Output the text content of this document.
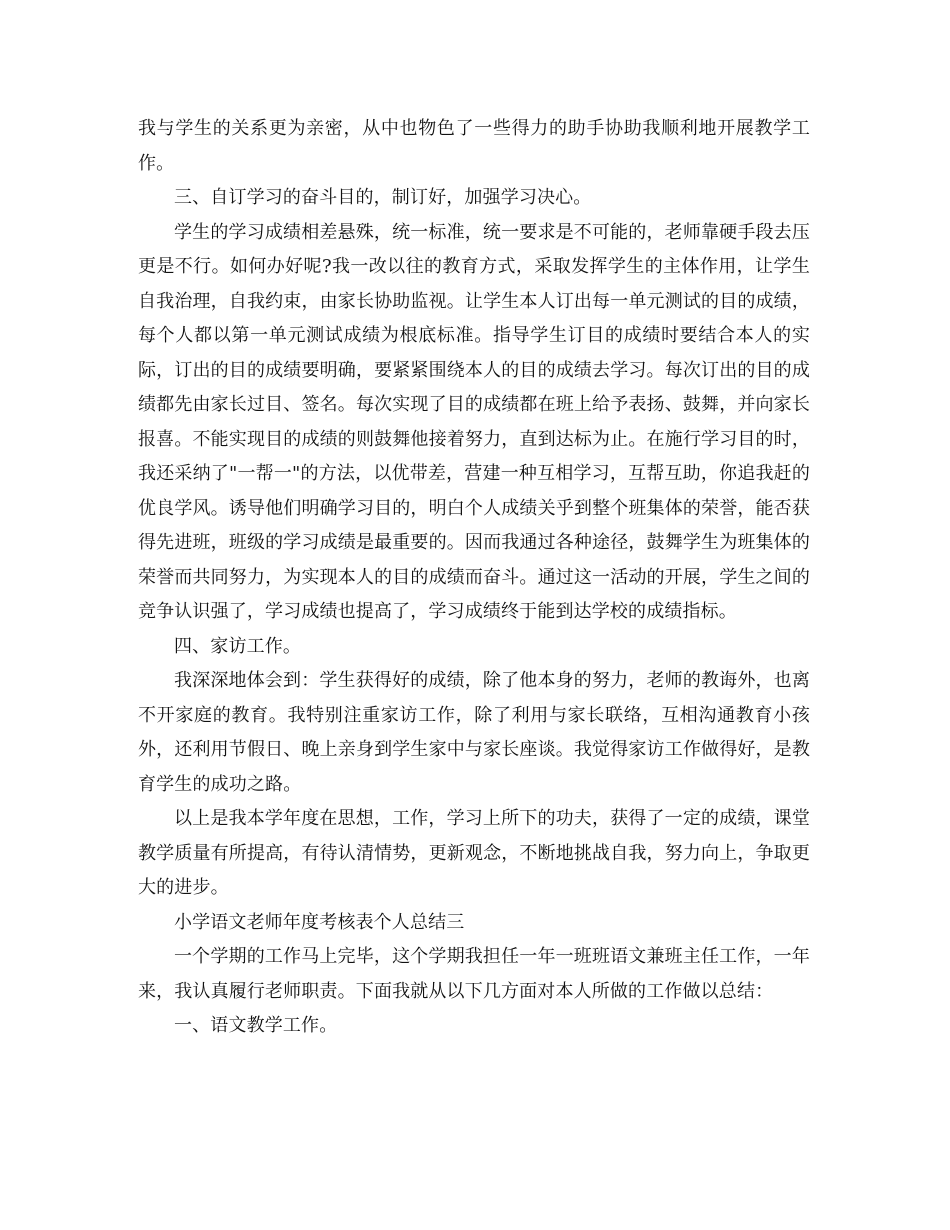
我与学生的关系更为亲密，从中也物色了一些得力的助手协助我顺利地开展教学工作。

三、自订学习的奋斗目的，制订好，加强学习决心。

学生的学习成绩相差悬殊，统一标准，统一要求是不可能的，老师靠硬手段去压更是不行。如何办好呢?我一改以往的教育方式，采取发挥学生的主体作用，让学生自我治理，自我约束，由家长协助监视。让学生本人订出每一单元测试的目的成绩，每个人都以第一单元测试成绩为根底标准。指导学生订目的成绩时要结合本人的实际，订出的目的成绩要明确，要紧紧围绕本人的目的成绩去学习。每次订出的目的成绩都先由家长过目、签名。每次实现了目的成绩都在班上给予表扬、鼓舞，并向家长报喜。不能实现目的成绩的则鼓舞他接着努力，直到达标为止。在施行学习目的时，我还采纳了"一帮一"的方法，以优带差，营建一种互相学习，互帮互助，你追我赶的优良学风。诱导他们明确学习目的，明白个人成绩关乎到整个班集体的荣誉，能否获得先进班，班级的学习成绩是最重要的。因而我通过各种途径，鼓舞学生为班集体的荣誉而共同努力，为实现本人的目的成绩而奋斗。通过这一活动的开展，学生之间的竞争认识强了，学习成绩也提高了，学习成绩终于能到达学校的成绩指标。

四、家访工作。

我深深地体会到：学生获得好的成绩，除了他本身的努力，老师的教诲外，也离不开家庭的教育。我特别注重家访工作，除了利用与家长联络，互相沟通教育小孩外，还利用节假日、晚上亲身到学生家中与家长座谈。我觉得家访工作做得好，是教育学生的成功之路。

以上是我本学年度在思想，工作，学习上所下的功夫，获得了一定的成绩，课堂教学质量有所提高，有待认清情势，更新观念，不断地挑战自我，努力向上，争取更大的进步。

小学语文老师年度考核表个人总结三

一个学期的工作马上完毕，这个学期我担任一年一班班语文兼班主任工作，一年来，我认真履行老师职责。下面我就从以下几方面对本人所做的工作做以总结：

一、语文教学工作。
